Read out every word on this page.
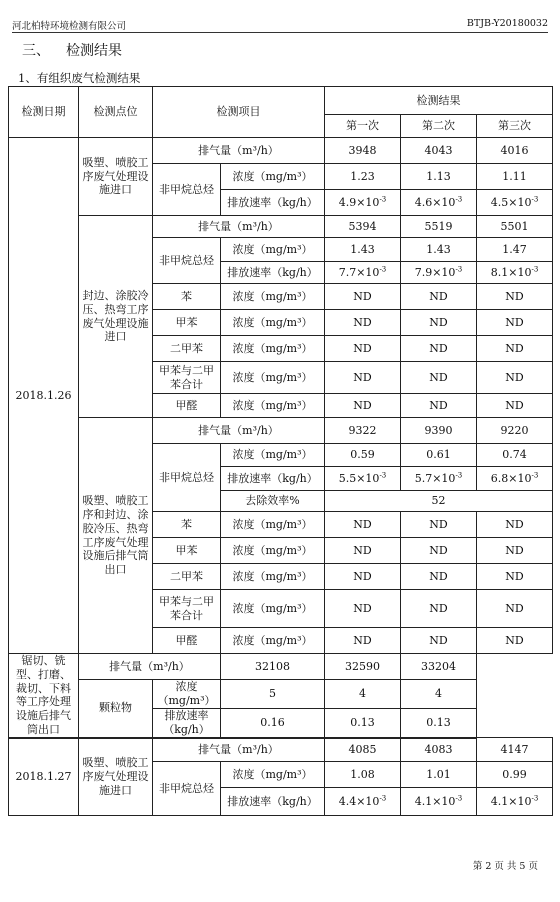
河北柏特环境检测有限公司	BTJB-Y20180032
三、 检测结果
1、有组织废气检测结果
检测日期	检测点位	检测项目		检测结果		
				第一次	第二次	第三次
2018.1.26	吸塑、喷胶工序废气处理设施进口	排气量（m³/h）		3948	4043	4016
		非甲烷总烃	浓度（mg/m³）	1.23	1.13	1.11
			排放速率（kg/h）	$4.9\times 10^{-3}$	$4.6\times 10^{-3}$	$4.5\times 10^{-3}$
	封边、涂胶冷压、热弯工序废气处理设施进口	排气量（m³/h）		5394	5519	5501
		非甲烷总烃	浓度（mg/m³）	1.43	1.43	1.47
			排放速率（kg/h）	$7.7\times 10^{-3}$	$7.9\times 10^{-3}$	$8.1\times 10^{-3}$
		苯	浓度（mg/m³）	ND	ND	ND
		甲苯	浓度（mg/m³）	ND	ND	ND
		二甲苯	浓度（mg/m³）	ND	ND	ND
		甲苯与二甲苯合计	浓度（mg/m³）	ND	ND	ND
		甲醛	浓度（mg/m³）	ND	ND	ND
	吸塑、喷胶工序和封边、涂胶冷压、热弯工序废气处理设施后排气筒出口	排气量（m³/h）		9322	9390	9220
		非甲烷总烃	浓度（mg/m³）	0.59	0.61	0.74
			排放速率（kg/h）	$5.5\times 10^{-3}$	$5.7\times 10^{-3}$	$6.8\times 10^{-3}$
			去除效率%	52		
		苯	浓度（mg/m³）	ND	ND	ND
		甲苯	浓度（mg/m³）	ND	ND	ND
		二甲苯	浓度（mg/m³）	ND	ND	ND
		甲苯与二甲苯合计	浓度（mg/m³）	ND	ND	ND
		甲醛	浓度（mg/m³）	ND	ND	ND
锯切、铣型、打磨、裁切、下料等工序处理设施后排气筒出口	排气量（m³/h）		32108	32590	33204	
	颗粒物	浓度（mg/m³）	5	4	4	
		排放速率（kg/h）	0.16	0.13	0.13	
2018.1.27	吸塑、喷胶工序废气处理设施进口	排气量（m³/h）		4085	4083	4147
		非甲烷总烃	浓度（mg/m³）	1.08	1.01	0.99
			排放速率（kg/h）	$4.4\times 10^{-3}$	$4.1\times 10^{-3}$	$4.1\times 10^{-3}$
第 2 页 共 5 页
